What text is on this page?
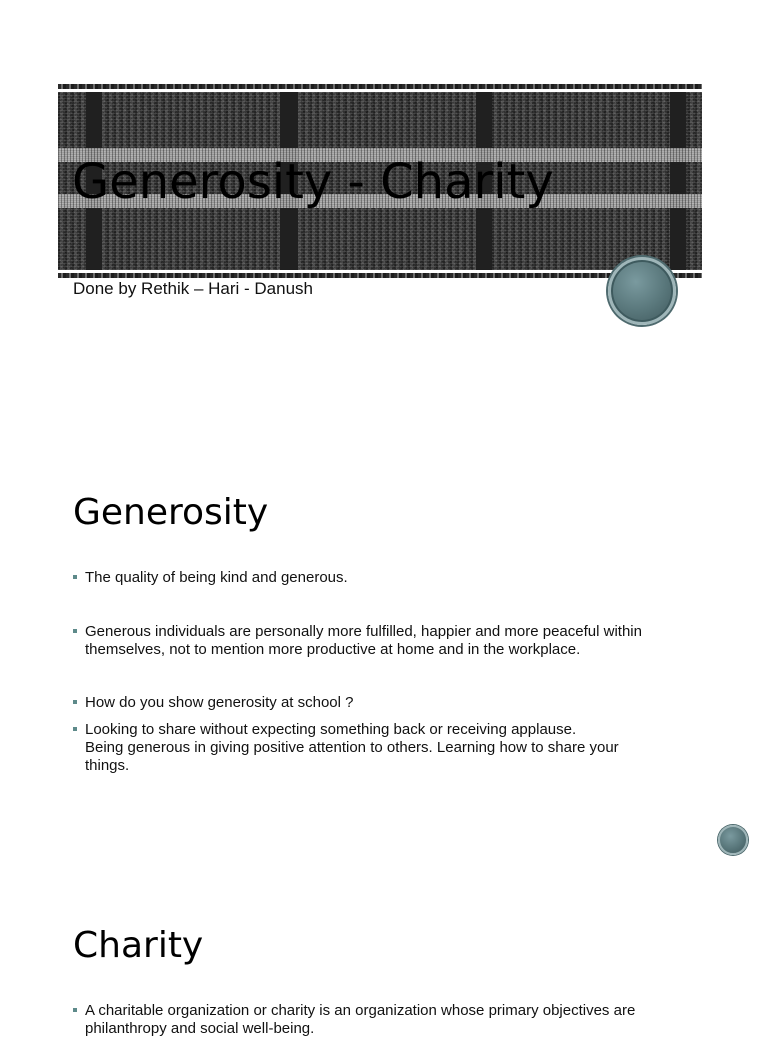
Generosity - Charity
Done by Rethik – Hari - Danush
Generosity
The quality of being kind and generous.
Generous individuals are personally more fulfilled, happier and more peaceful within
themselves, not to mention more productive at home and in the workplace.
How do you show generosity at school ?
Looking to share without expecting something back or receiving applause.
Being generous in giving positive attention to others. Learning how to share your
things.
Charity
A charitable organization or charity is an organization whose primary objectives are
philanthropy and social well-being.
